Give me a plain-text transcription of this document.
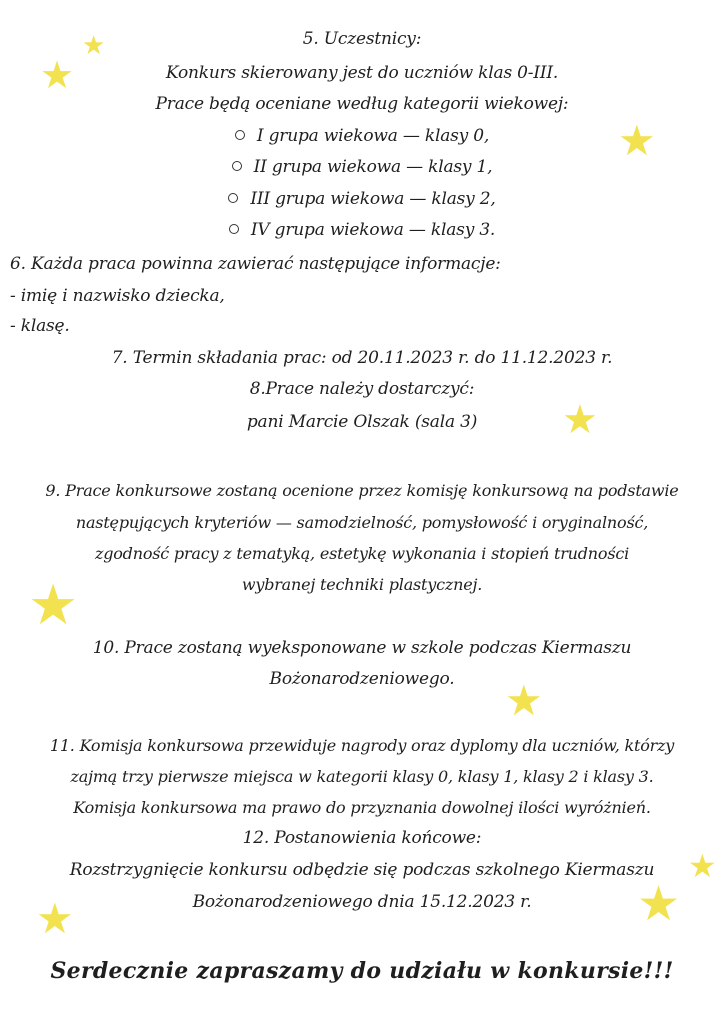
★
★
★
★
★
★
★
★
★
5. Uczestnicy:
Konkurs skierowany jest do uczniów klas 0-III.
Prace będą oceniane według kategorii wiekowej:
I grupa wiekowa — klasy 0,
II grupa wiekowa — klasy 1,
III grupa wiekowa — klasy 2,
IV grupa wiekowa — klasy 3.
6. Każda praca powinna zawierać następujące informacje:
- imię i nazwisko dziecka,
- klasę.
7. Termin składania prac: od 20.11.2023 r. do 11.12.2023 r.
8.Prace należy dostarczyć:
pani Marcie Olszak (sala 3)
9. Prace konkursowe zostaną ocenione przez komisję konkursową na podstawie
następujących kryteriów — samodzielność, pomysłowość i oryginalność,
zgodność pracy z tematyką, estetykę wykonania i stopień trudności
wybranej techniki plastycznej.
10. Prace zostaną wyeksponowane w szkole podczas Kiermaszu
Bożonarodzeniowego.
11. Komisja konkursowa przewiduje nagrody oraz dyplomy dla uczniów, którzy
zajmą trzy pierwsze miejsca w kategorii klasy 0, klasy 1, klasy 2 i klasy 3.
Komisja konkursowa ma prawo do przyznania dowolnej ilości wyróżnień.
12. Postanowienia końcowe:
Rozstrzygnięcie konkursu odbędzie się podczas szkolnego Kiermaszu
Bożonarodzeniowego dnia 15.12.2023 r.
Serdecznie zapraszamy do udziału w konkursie!!!
